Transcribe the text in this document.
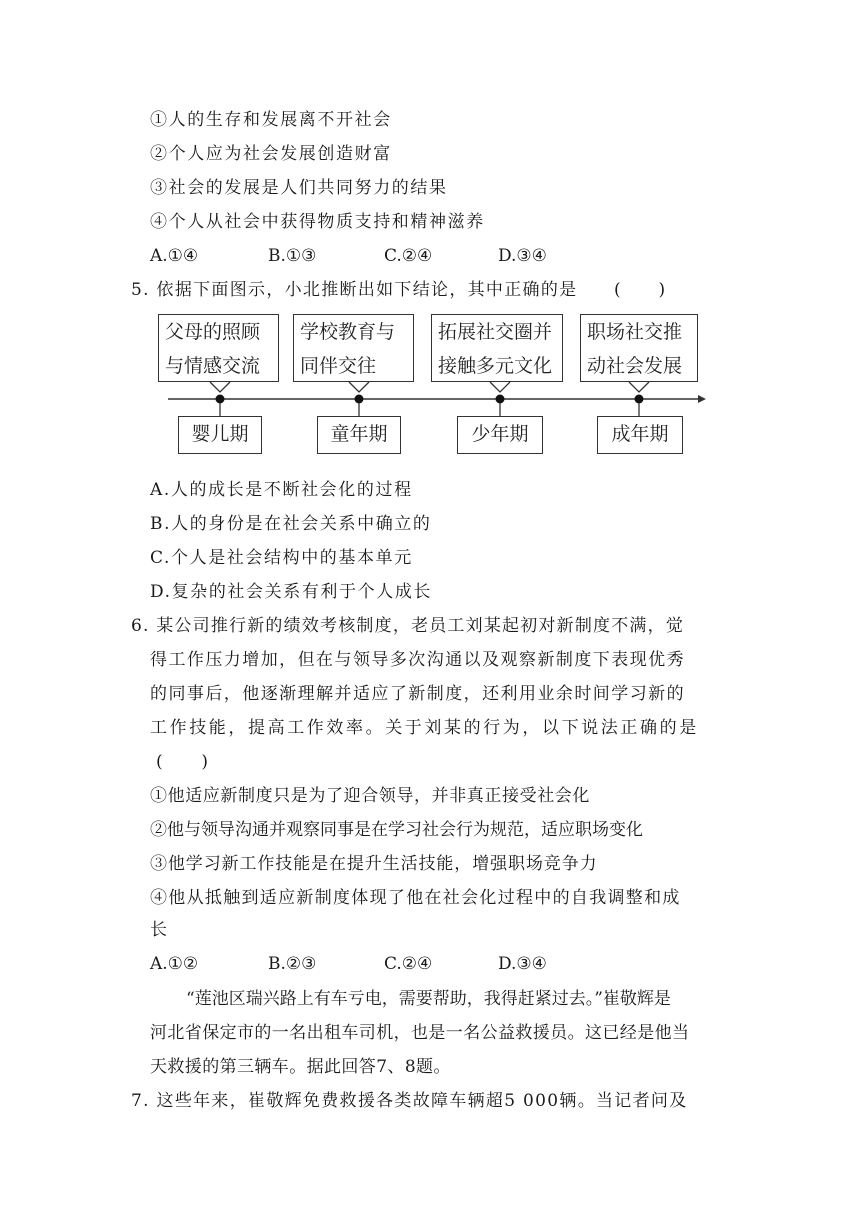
①人的生存和发展离不开社会
②个人应为社会发展创造财富
③社会的发展是人们共同努力的结果
④个人从社会中获得物质支持和精神滋养
A.①④	B.①③	C.②④	D.③④
5. 依据下面图示，小北推断出如下结论，其中正确的是　　(　　)
父母的照顾
与情感交流
学校教育与
同伴交往
拓展社交圈并
接触多元文化
职场社交推
动社会发展
婴儿期	童年期	少年期	成年期
A.人的成长是不断社会化的过程
B.人的身份是在社会关系中确立的
C.个人是社会结构中的基本单元
D.复杂的社会关系有利于个人成长
6. 某公司推行新的绩效考核制度，老员工刘某起初对新制度不满，觉
得工作压力增加，但在与领导多次沟通以及观察新制度下表现优秀
的同事后，他逐渐理解并适应了新制度，还利用业余时间学习新的
工作技能，提高工作效率。关于刘某的行为，以下说法正确的是
(　　)
①他适应新制度只是为了迎合领导，并非真正接受社会化
②他与领导沟通并观察同事是在学习社会行为规范，适应职场变化
③他学习新工作技能是在提升生活技能，增强职场竞争力
④他从抵触到适应新制度体现了他在社会化过程中的自我调整和成
长
A.①②	B.②③	C.②④	D.③④
“莲池区瑞兴路上有车亏电，需要帮助，我得赶紧过去。”崔敬辉是
河北省保定市的一名出租车司机，也是一名公益救援员。这已经是他当
天救援的第三辆车。据此回答7、8题。
7. 这些年来，崔敬辉免费救援各类故障车辆超5 000辆。当记者问及
